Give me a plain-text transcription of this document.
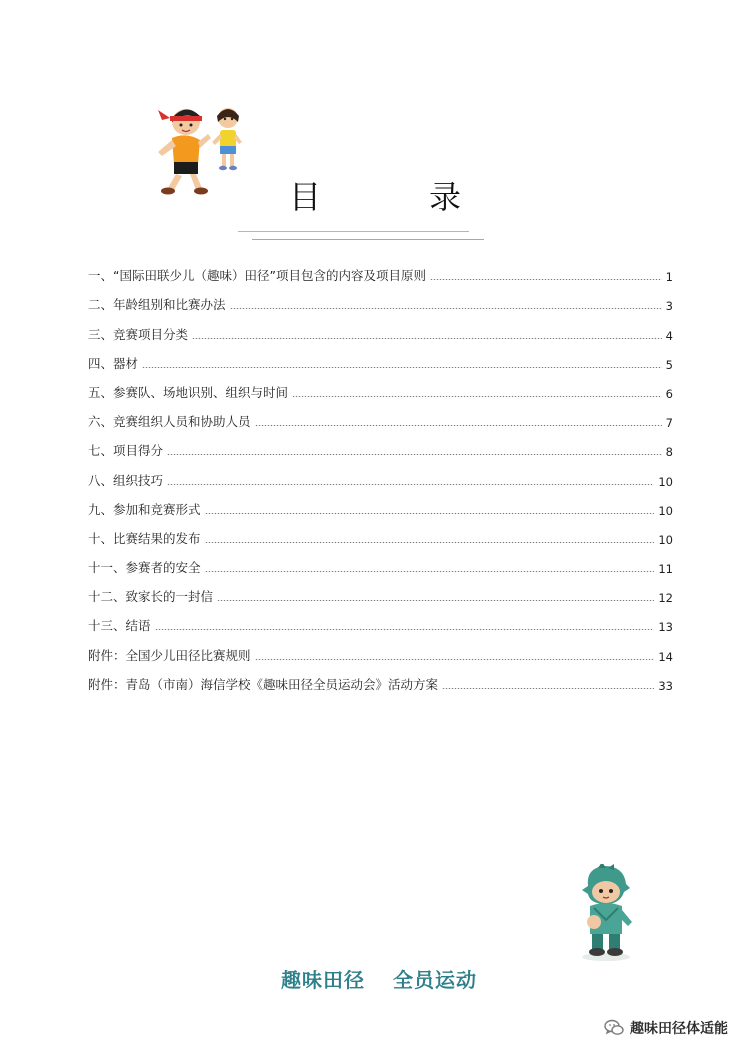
目　录
一、“国际田联少儿（趣味）田径”项目包含的内容及项目原则	1
二、年龄组别和比赛办法	3
三、竞赛项目分类	4
四、器材	5
五、参赛队、场地识别、组织与时间	6
六、竞赛组织人员和协助人员	7
七、项目得分	8
八、组织技巧	10
九、参加和竞赛形式	10
十、比赛结果的发布	10
十一、参赛者的安全	11
十二、致家长的一封信	12
十三、结语	13
附件：全国少儿田径比赛规则	14
附件：青岛（市南）海信学校《趣味田径全员运动会》活动方案	33
趣味田径 全员运动
趣味田径体适能
